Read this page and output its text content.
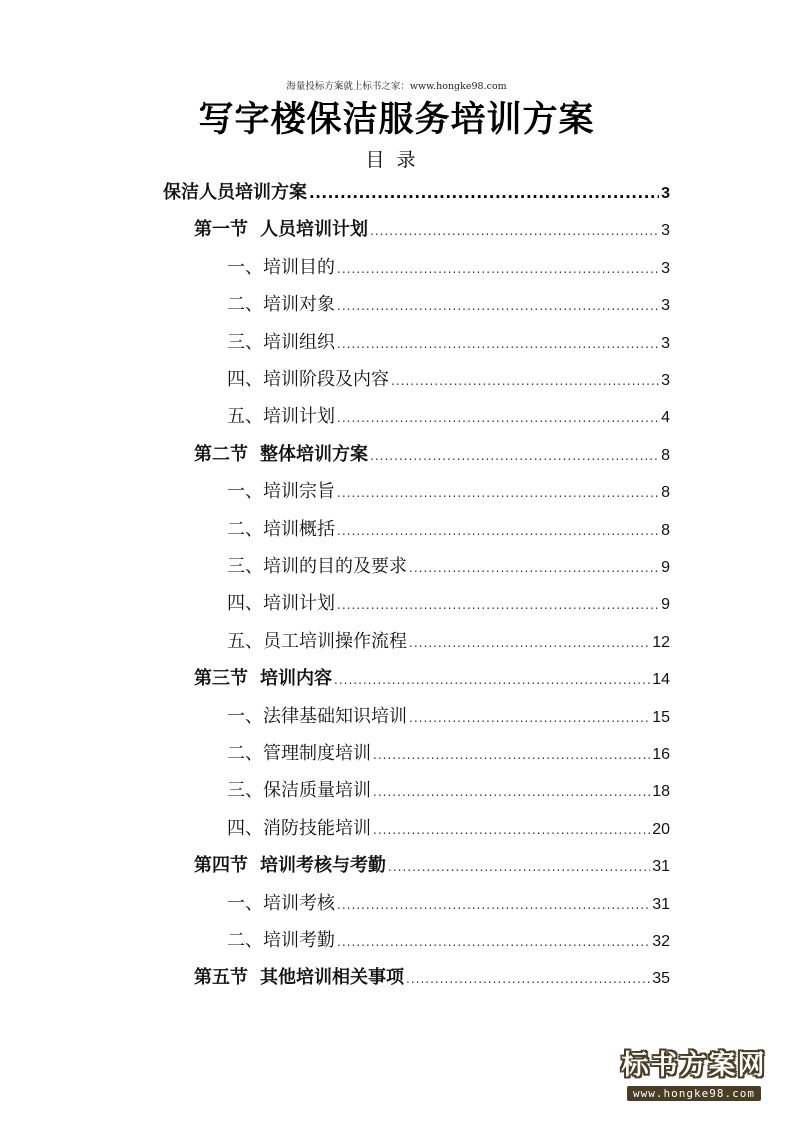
海量投标方案就上标书之家：www.hongke98.com
写字楼保洁服务培训方案
目录
保洁人员培训方案 .....	3
第一节 人员培训计划 .....	3
一、培训目的 .....	3
二、培训对象 .....	3
三、培训组织 .....	3
四、培训阶段及内容 .....	3
五、培训计划 .....	4
第二节 整体培训方案 .....	8
一、培训宗旨 .....	8
二、培训概括 .....	8
三、培训的目的及要求 .....	9
四、培训计划 .....	9
五、员工培训操作流程 .....	12
第三节 培训内容 .....	14
一、法律基础知识培训 .....	15
二、管理制度培训 .....	16
三、保洁质量培训 .....	18
四、消防技能培训 .....	20
第四节 培训考核与考勤 .....	31
一、培训考核 .....	31
二、培训考勤 .....	32
第五节 其他培训相关事项 .....	35
标书方案网
www.hongke98.com
